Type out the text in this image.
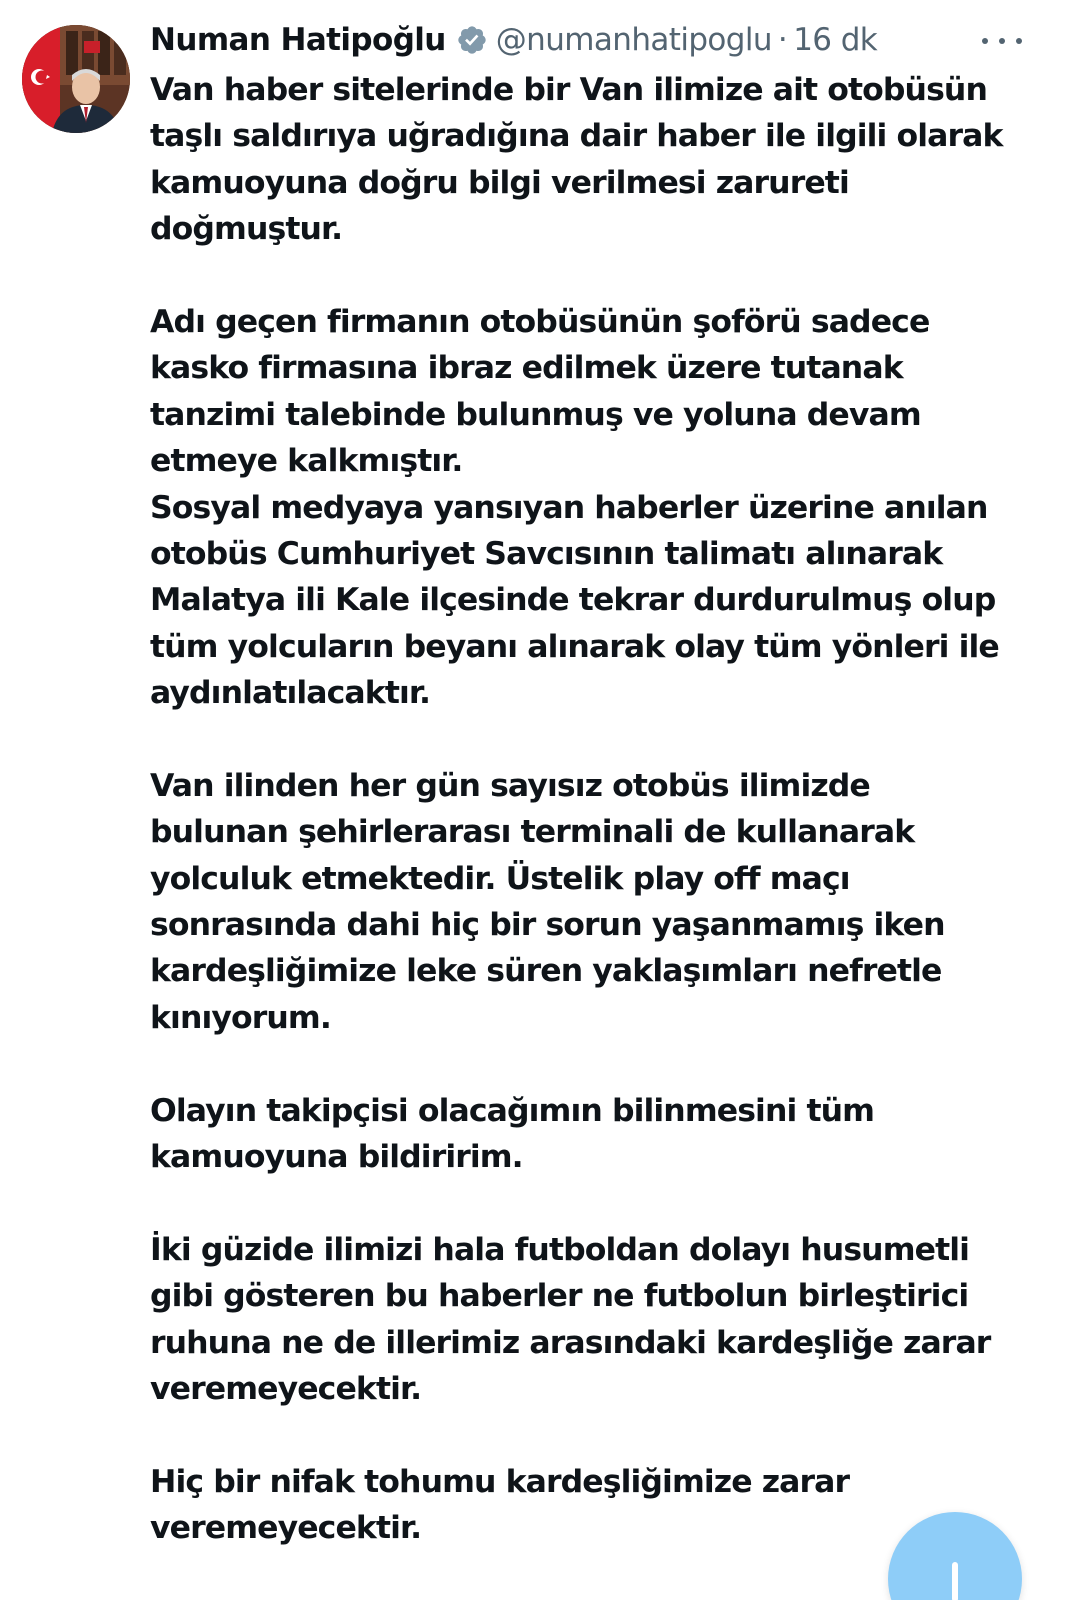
Numan Hatipoğlu @numanhatipoglu · 16 dk
Van haber sitelerinde bir Van ilimize ait otobüsün
taşlı saldırıya uğradığına dair haber ile ilgili olarak
kamuoyuna doğru bilgi verilmesi zarureti
doğmuştur.
Adı geçen firmanın otobüsünün şoförü sadece
kasko firmasına ibraz edilmek üzere tutanak
tanzimi talebinde bulunmuş ve yoluna devam
etmeye kalkmıştır.
Sosyal medyaya yansıyan haberler üzerine anılan
otobüs Cumhuriyet Savcısının talimatı alınarak
Malatya ili Kale ilçesinde tekrar durdurulmuş olup
tüm yolcuların beyanı alınarak olay tüm yönleri ile
aydınlatılacaktır.
Van ilinden her gün sayısız otobüs ilimizde
bulunan şehirlerarası terminali de kullanarak
yolculuk etmektedir. Üstelik play off maçı
sonrasında dahi hiç bir sorun yaşanmamış iken
kardeşliğimize leke süren yaklaşımları nefretle
kınıyorum.
Olayın takipçisi olacağımın bilinmesini tüm
kamuoyuna bildiririm.
İki güzide ilimizi hala futboldan dolayı husumetli
gibi gösteren bu haberler ne futbolun birleştirici
ruhuna ne de illerimiz arasındaki kardeşliğe zarar
veremeyecektir.
Hiç bir nifak tohumu kardeşliğimize zarar
veremeyecektir.
